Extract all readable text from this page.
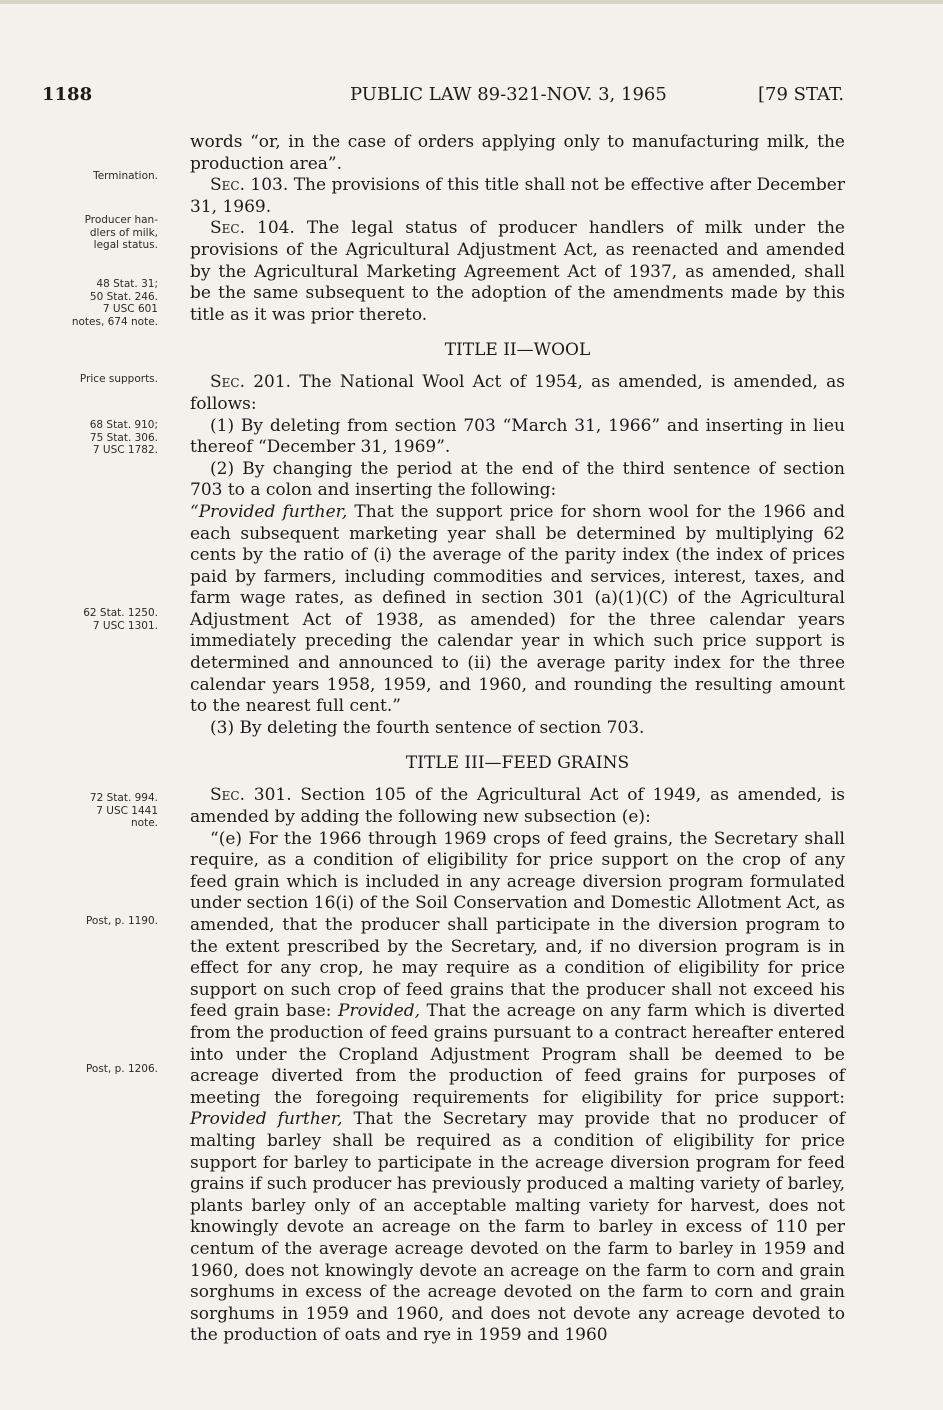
1188	PUBLIC LAW 89-321-NOV. 3, 1965	[79 STAT.
Termination.
Producer han-
dlers of milk,
legal status.
48 Stat. 31;
50 Stat. 246.
7 USC 601
notes, 674 note.
Price supports.
68 Stat. 910;
75 Stat. 306.
7 USC 1782.
62 Stat. 1250.
7 USC 1301.
72 Stat. 994.
7 USC 1441
note.
Post, p. 1190.
Post, p. 1206.

words “or, in the case of orders applying only to manufacturing milk, the production area”.

Sec. 103. The provisions of this title shall not be effective after December 31, 1969.

Sec. 104. The legal status of producer handlers of milk under the provisions of the Agricultural Adjustment Act, as reenacted and amended by the Agricultural Marketing Agreement Act of 1937, as amended, shall be the same subsequent to the adoption of the amendments made by this title as it was prior thereto.

TITLE II—WOOL

Sec. 201. The National Wool Act of 1954, as amended, is amended, as follows:

(1) By deleting from section 703 “March 31, 1966” and inserting in lieu thereof “December 31, 1969”.

(2) By changing the period at the end of the third sentence of section 703 to a colon and inserting the following:

“Provided further, That the support price for shorn wool for the 1966 and each subsequent marketing year shall be determined by multiplying 62 cents by the ratio of (i) the average of the parity index (the index of prices paid by farmers, including commodities and services, interest, taxes, and farm wage rates, as defined in section 301 (a)(1)(C) of the Agricultural Adjustment Act of 1938, as amended) for the three calendar years immediately preceding the calendar year in which such price support is determined and announced to (ii) the average parity index for the three calendar years 1958, 1959, and 1960, and rounding the resulting amount to the nearest full cent.”

(3) By deleting the fourth sentence of section 703.

TITLE III—FEED GRAINS

Sec. 301. Section 105 of the Agricultural Act of 1949, as amended, is amended by adding the following new subsection (e):

“(e) For the 1966 through 1969 crops of feed grains, the Secretary shall require, as a condition of eligibility for price support on the crop of any feed grain which is included in any acreage diversion program formulated under section 16(i) of the Soil Conservation and Domestic Allotment Act, as amended, that the producer shall participate in the diversion program to the extent prescribed by the Secretary, and, if no diversion program is in effect for any crop, he may require as a condition of eligibility for price support on such crop of feed grains that the producer shall not exceed his feed grain base: Provided, That the acreage on any farm which is diverted from the production of feed grains pursuant to a contract hereafter entered into under the Cropland Adjustment Program shall be deemed to be acreage diverted from the production of feed grains for purposes of meeting the foregoing requirements for eligibility for price support: Provided further, That the Secretary may provide that no producer of malting barley shall be required as a condition of eligibility for price support for barley to participate in the acreage diversion program for feed grains if such producer has previously produced a malting variety of barley, plants barley only of an acceptable malting variety for harvest, does not knowingly devote an acreage on the farm to barley in excess of 110 per centum of the average acreage devoted on the farm to barley in 1959 and 1960, does not knowingly devote an acreage on the farm to corn and grain sorghums in excess of the acreage devoted on the farm to corn and grain sorghums in 1959 and 1960, and does not devote any acreage devoted to the production of oats and rye in 1959 and 1960
